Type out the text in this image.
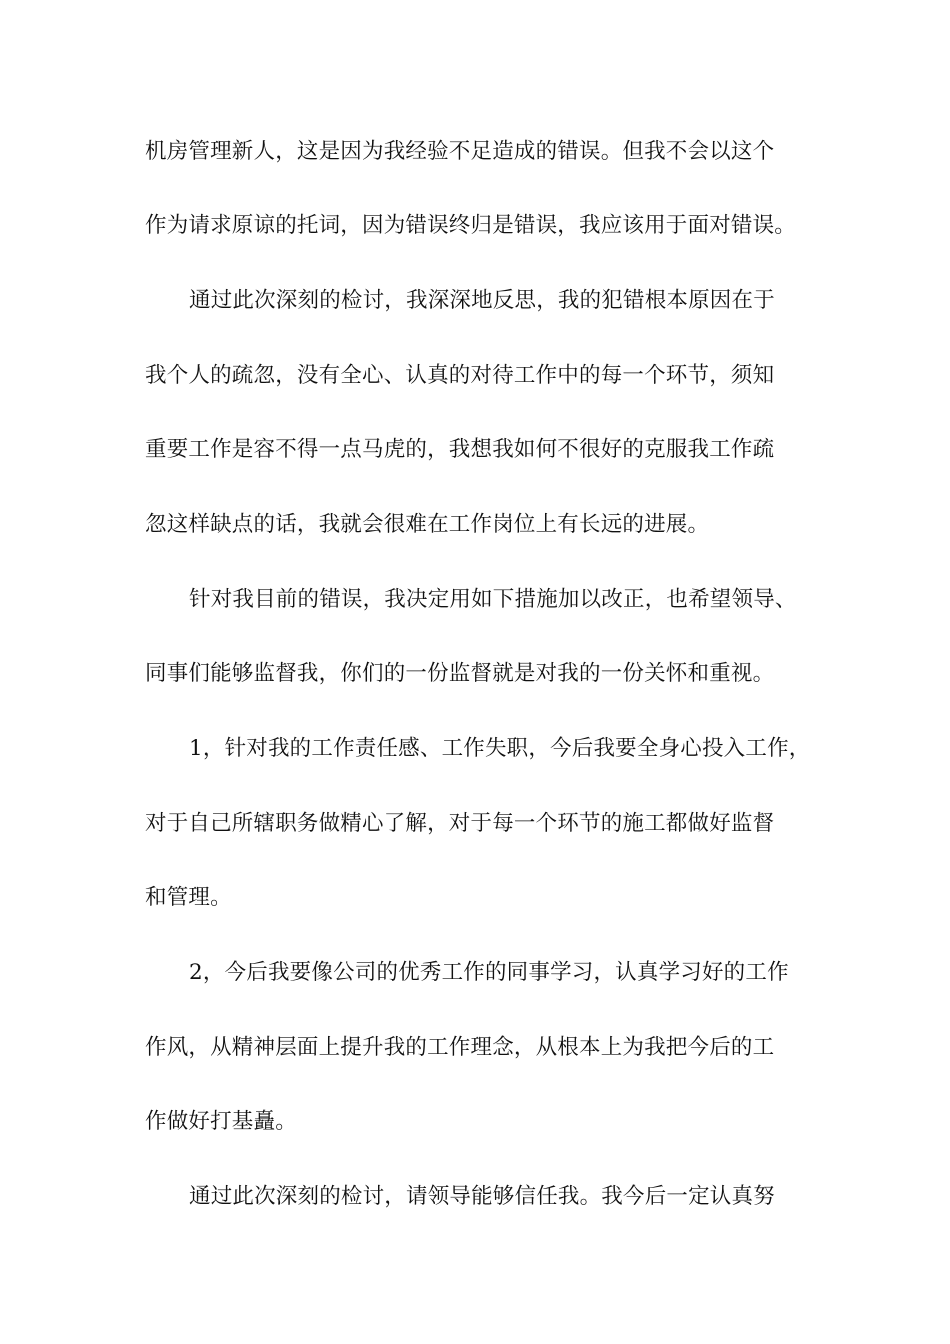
机房管理新人，这是因为我经验不足造成的错误。但我不会以这个
作为请求原谅的托词，因为错误终归是错误，我应该用于面对错误。
通过此次深刻的检讨，我深深地反思，我的犯错根本原因在于
我个人的疏忽，没有全心、认真的对待工作中的每一个环节，须知
重要工作是容不得一点马虎的，我想我如何不很好的克服我工作疏
忽这样缺点的话，我就会很难在工作岗位上有长远的进展。
针对我目前的错误，我决定用如下措施加以改正，也希望领导、
同事们能够监督我，你们的一份监督就是对我的一份关怀和重视。
1，针对我的工作责任感、工作失职，今后我要全身心投入工作，
对于自己所辖职务做精心了解，对于每一个环节的施工都做好监督
和管理。
2，今后我要像公司的优秀工作的同事学习，认真学习好的工作
作风，从精神层面上提升我的工作理念，从根本上为我把今后的工
作做好打基矗。
通过此次深刻的检讨，请领导能够信任我。我今后一定认真努
